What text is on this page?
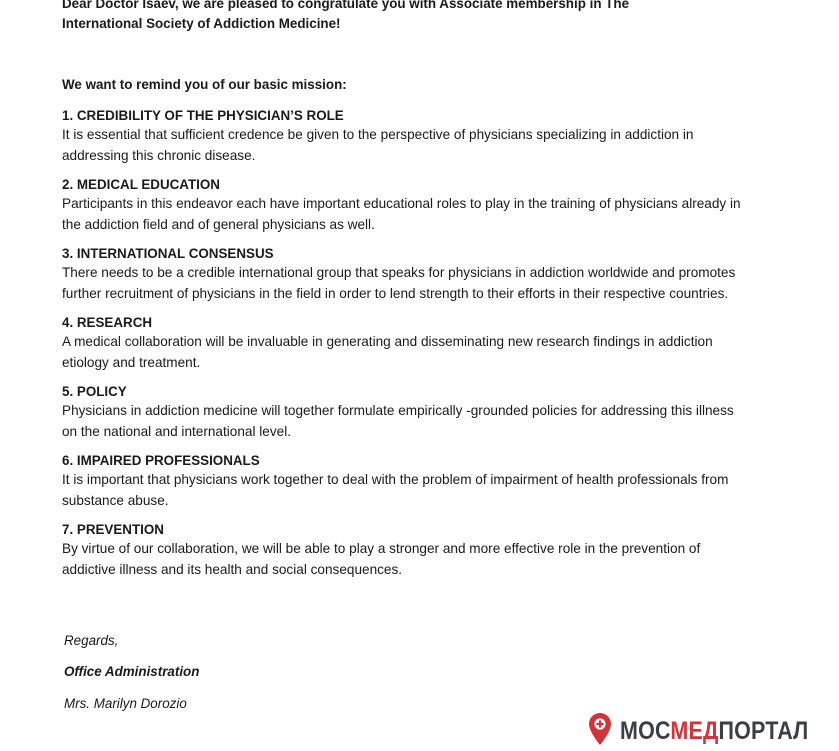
Dear Doctor Isaev, we are pleased to congratulate you with Associate membership in The
International Society of Addiction Medicine!
We want to remind you of our basic mission:

1. CREDIBILITY OF THE PHYSICIAN’S ROLE

It is essential that sufficient credence be given to the perspective of physicians specializing in addiction in addressing this chronic disease.

2. MEDICAL EDUCATION

Participants in this endeavor each have important educational roles to play in the training of physicians already in the addiction field and of general physicians as well.

3. INTERNATIONAL CONSENSUS

There needs to be a credible international group that speaks for physicians in addiction worldwide and promotes further recruitment of physicians in the field in order to lend strength to their efforts in their respective countries.

4. RESEARCH

A medical collaboration will be invaluable in generating and disseminating new research findings in addiction etiology and treatment.

5. POLICY

Physicians in addiction medicine will together formulate empirically -grounded policies for addressing this illness on the national and international level.

6. IMPAIRED PROFESSIONALS

It is important that physicians work together to deal with the problem of impairment of health professionals from substance abuse.

7. PREVENTION

By virtue of our collaboration, we will be able to play a stronger and more effective role in the prevention of addictive illness and its health and social consequences.

Regards,
Office Administration
Mrs. Marilyn Dorozio
МОСМЕДПОРТАЛ
